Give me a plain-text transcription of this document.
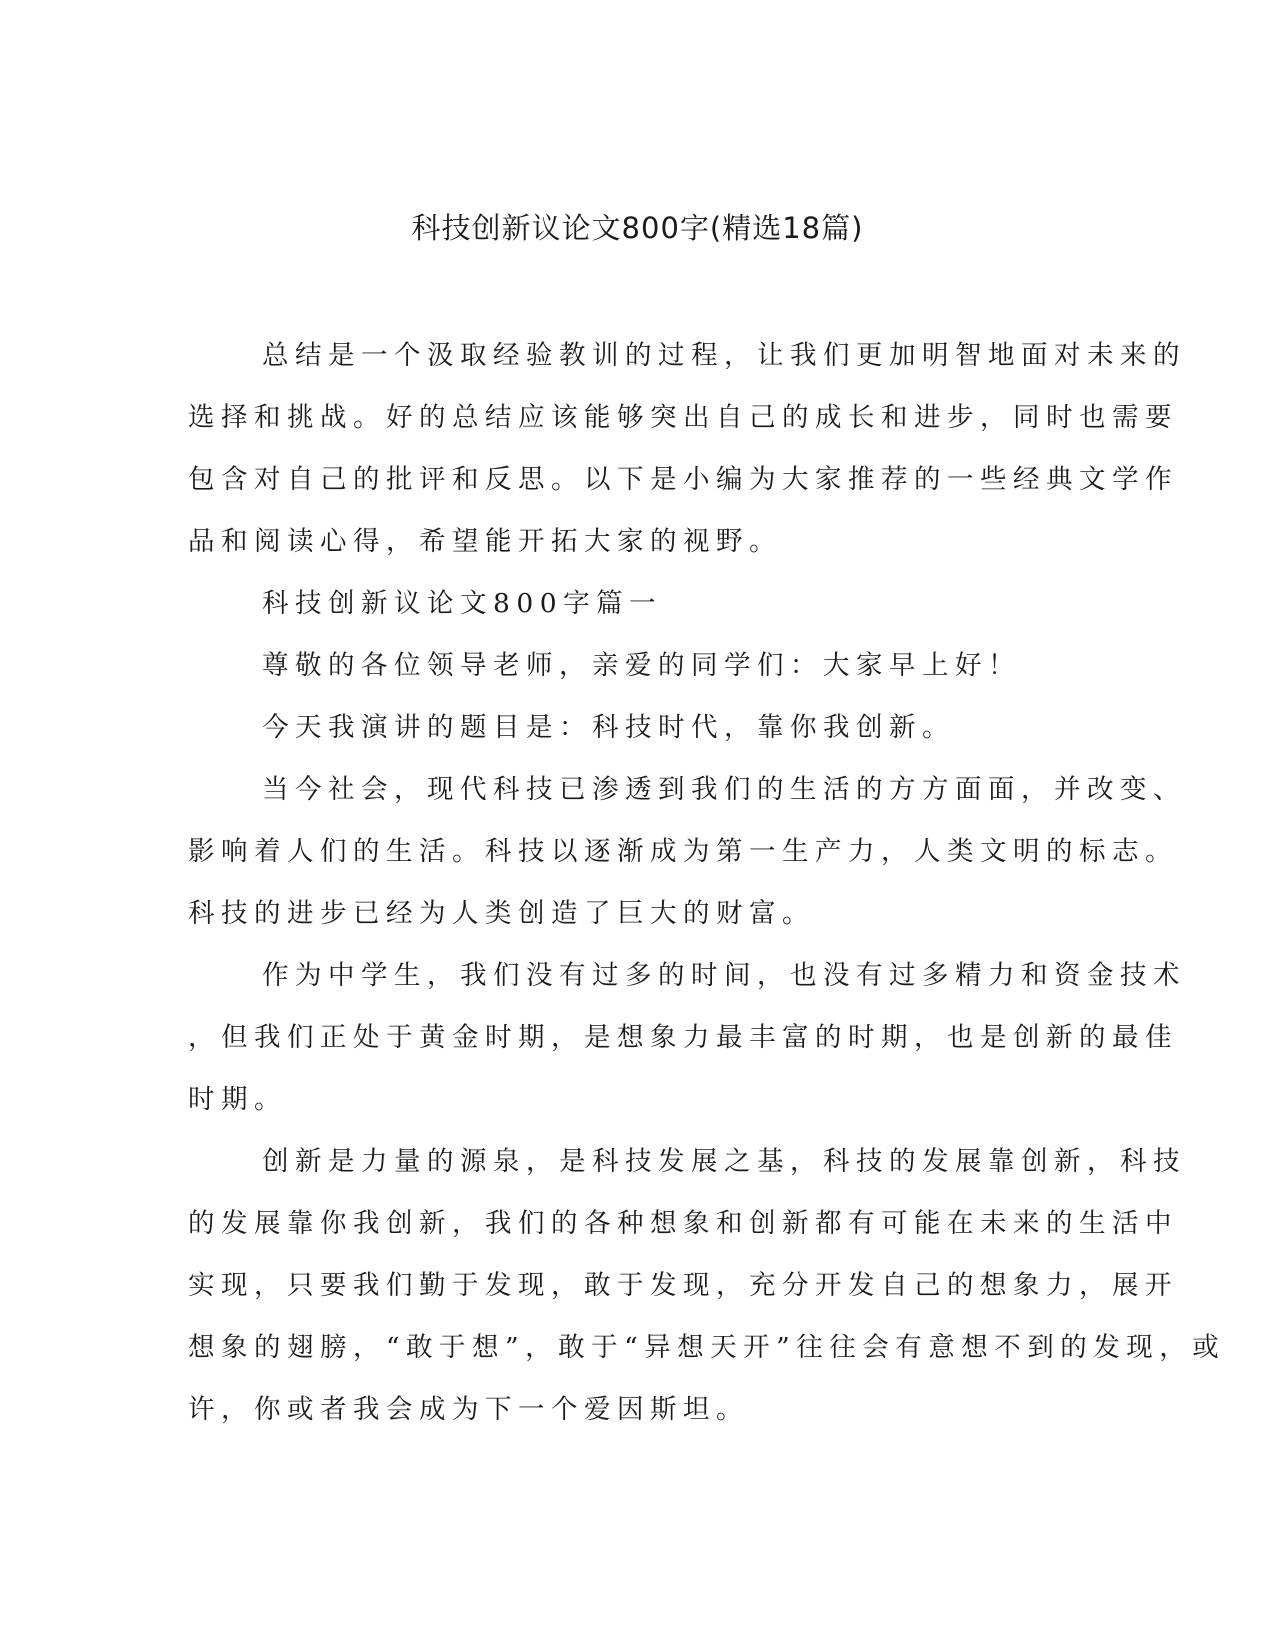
科技创新议论文800字(精选18篇)

总结是一个汲取经验教训的过程，让我们更加明智地面对未来的
选择和挑战。好的总结应该能够突出自己的成长和进步，同时也需要
包含对自己的批评和反思。以下是小编为大家推荐的一些经典文学作
品和阅读心得，希望能开拓大家的视野。

科技创新议论文800字篇一

尊敬的各位领导老师，亲爱的同学们：大家早上好！

今天我演讲的题目是：科技时代，靠你我创新。

当今社会，现代科技已渗透到我们的生活的方方面面，并改变、
影响着人们的生活。科技以逐渐成为第一生产力，人类文明的标志。
科技的进步已经为人类创造了巨大的财富。

作为中学生，我们没有过多的时间，也没有过多精力和资金技术
，但我们正处于黄金时期，是想象力最丰富的时期，也是创新的最佳
时期。

创新是力量的源泉，是科技发展之基，科技的发展靠创新，科技
的发展靠你我创新，我们的各种想象和创新都有可能在未来的生活中
实现，只要我们勤于发现，敢于发现，充分开发自己的想象力，展开
想象的翅膀，“敢于想”，敢于“异想天开”往往会有意想不到的发现，或
许，你或者我会成为下一个爱因斯坦。
